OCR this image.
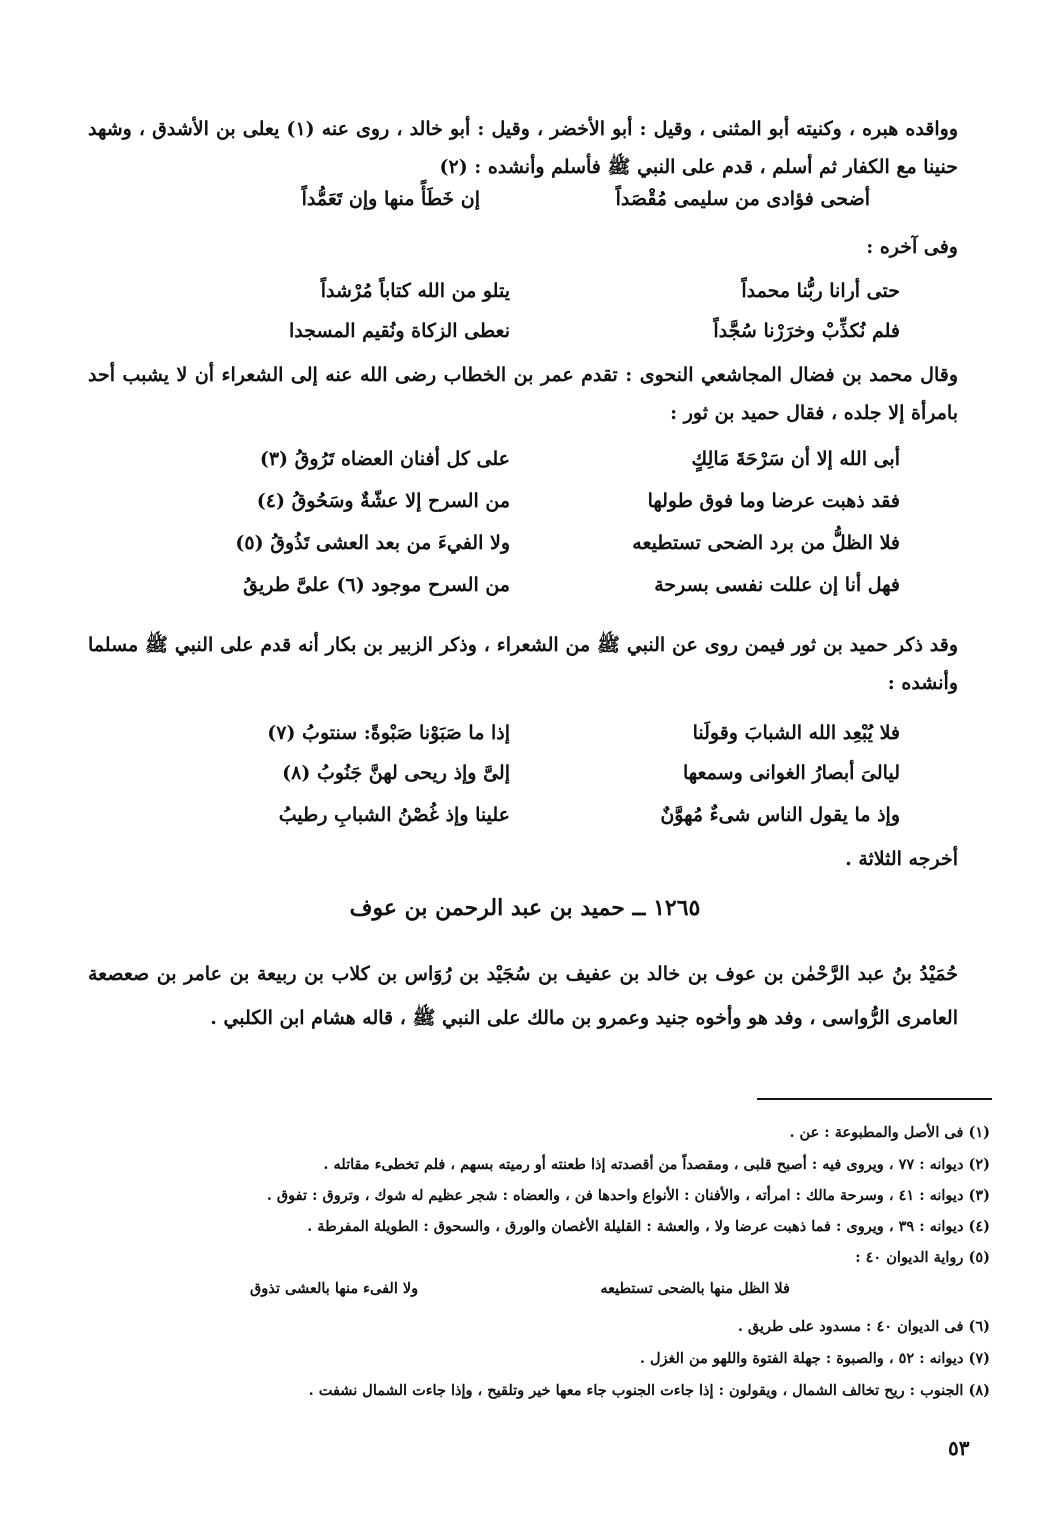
وواقده هبره ، وكنيته أبو المثنى ، وقيل : أبو الأخضر ، وقيل : أبو خالد ، روى عنه (١) يعلى بن الأشدق ، وشهد حنينا مع الكفار ثم أسلم ، قدم على النبي ﷺ فأسلم وأنشده : (٢)
أضحى فؤادى من سليمى مُقْصَداً
إن خَطَأً منها وإن تَعَمُّداً
وفى آخره :
حتى أرانا ربُّنا محمداً
يتلو من الله كتاباً مُرْشداً
فلم نُكذِّبْ وخرَرْنا سُجَّداً
نعطى الزكاة ونُقيم المسجدا
وقال محمد بن فضال المجاشعي النحوى : تقدم عمر بن الخطاب رضى الله عنه إلى الشعراء أن لا يشبب أحد بامرأة إلا جلده ، فقال حميد بن ثور :
أبى الله إلا أن سَرْحَةَ مَالِكٍ
على كل أفنان العضاه تَرُوقُ (٣)
فقد ذهبت عرضا وما فوق طولها
من السرح إلا عشّةٌ وسَحُوقُ (٤)
فلا الظلُّ من برد الضحى تستطيعه
ولا الفيءَ من بعد العشى تَذُوقُ (٥)
فهل أنا إن عللت نفسى بسرحة
من السرح موجود (٦) علىَّ طريقُ
وقد ذكر حميد بن ثور فيمن روى عن النبي ﷺ من الشعراء ، وذكر الزبير بن بكار أنه قدم على النبي ﷺ مسلما وأنشده :
فلا يُبْعِد الله الشبابَ وقولَنا
إذا ما صَبَوْنا صَبْوةً: سنتوبُ (٧)
ليالىَ أبصارُ الغوانى وسمعها
إلىَّ وإذ ريحى لهنَّ جَنُوبُ (٨)
وإذ ما يقول الناس شىءٌ مُهوَّنٌ
علينا وإذ غُصْنُ الشبابِ رطيبُ
أخرجه الثلاثة .
١٢٦٥ ــ حميد بن عبد الرحمن بن عوف
حُمَيْدُ بنُ عبد الرَّحْمٰن بن عوف بن خالد بن عفيف بن سُجَيْد بن رُوَاس بن كلاب بن ربيعة بن عامر بن صعصعة العامرى الرُّواسى ، وفد هو وأخوه جنيد وعمرو بن مالك على النبي ﷺ ، قاله هشام ابن الكلبي .
(١) فى الأصل والمطبوعة : عن .
(٢) ديوانه : ٧٧ ، ويروى فيه : أصبح قلبى ، ومقصداً من أقصدته إذا طعنته أو رميته بسهم ، فلم تخطىء مقاتله .
(٣) ديوانه : ٤١ ، وسرحة مالك : امرأته ، والأفنان : الأنواع واحدها فن ، والعضاه : شجر عظيم له شوك ، وتروق : تفوق .
(٤) ديوانه : ٣٩ ، ويروى : فما ذهبت عرضا ولا ، والعشة : القليلة الأغصان والورق ، والسحوق : الطويلة المفرطة .
(٥) رواية الديوان ٤٠ :
فلا الظل منها بالضحى تستطيعه
ولا الفىء منها بالعشى تذوق
(٦) فى الديوان ٤٠ : مسدود على طريق .
(٧) ديوانه : ٥٢ ، والصبوة : جهلة الفتوة واللهو من الغزل .
(٨) الجنوب : ريح تخالف الشمال ، ويقولون : إذا جاءت الجنوب جاء معها خير وتلقيح ، وإذا جاءت الشمال نشفت .
٥٣
